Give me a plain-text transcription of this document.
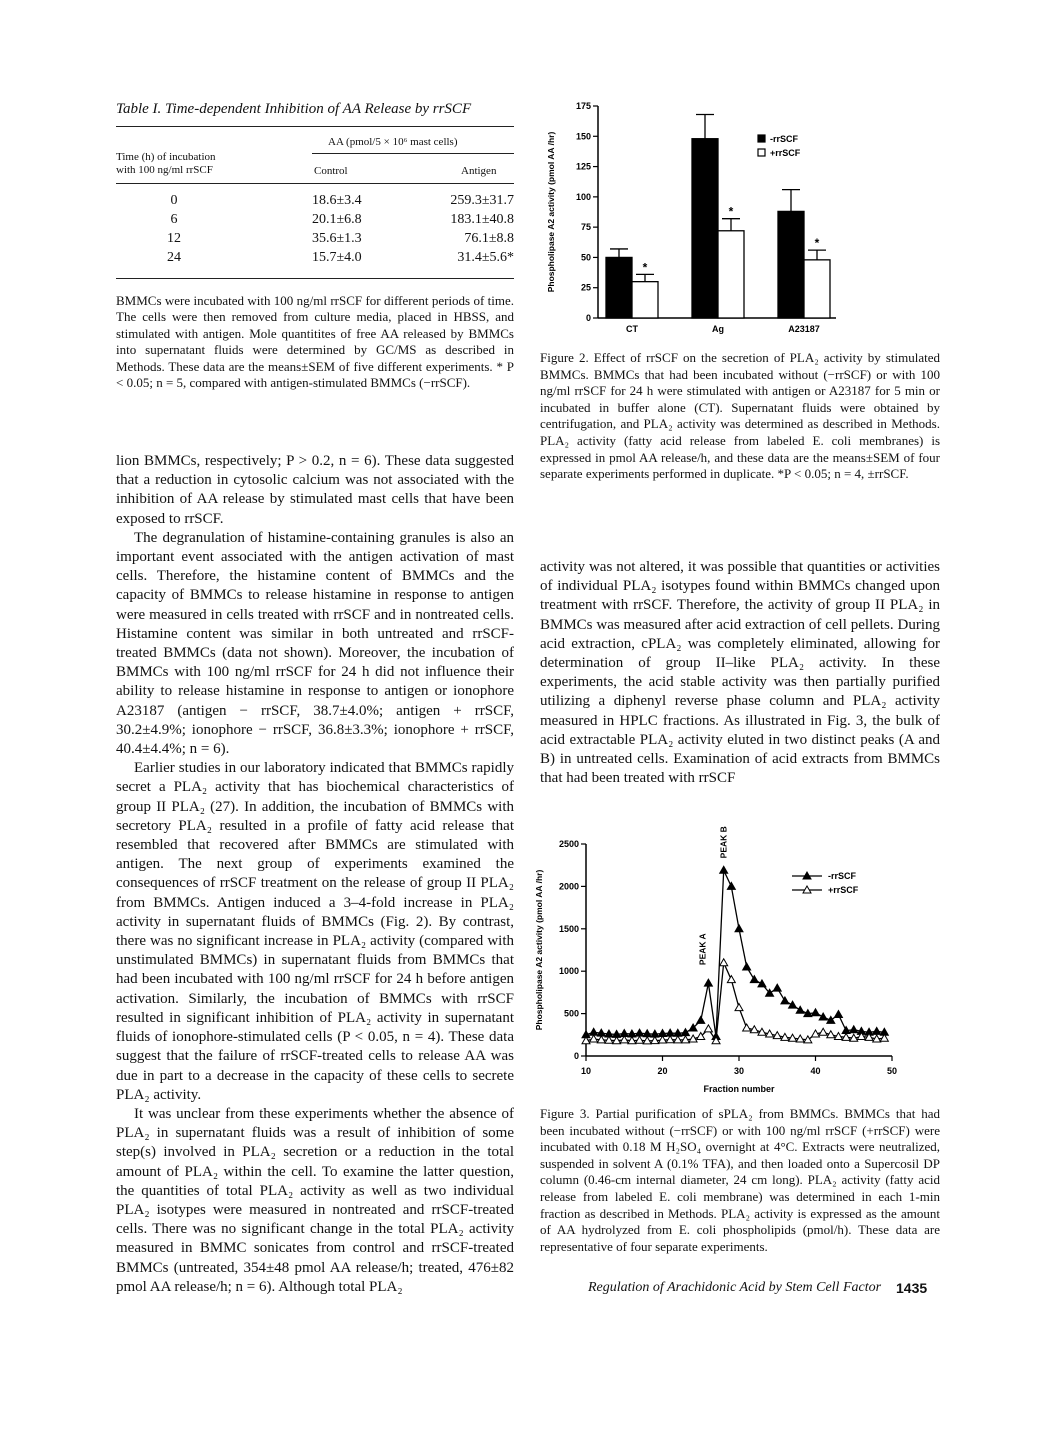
Table I. Time-dependent Inhibition of AA Release by rrSCF
AA (pmol/5 × 10⁶ mast cells)
Time (h) of incubation
with 100 ng/ml rrSCF	Control	Antigen
0	18.6±3.4	259.3±31.7
6	20.1±6.8	183.1±40.8
12	35.6±1.3	76.1±8.8
24	15.7±4.0	31.4±5.6*
BMMCs were incubated with 100 ng/ml rrSCF for different periods of time. The cells were then removed from culture media, placed in HBSS, and stimulated with antigen. Mole quantitites of free AA released by BMMCs into supernatant fluids were determined by GC/MS as described in Methods. These data are the means±SEM of five different experiments. * P < 0.05; n = 5, compared with antigen-stimulated BMMCs (−rrSCF).

lion BMMCs, respectively; P > 0.2, n = 6). These data suggested that a reduction in cytosolic calcium was not associated with the inhibition of AA release by stimulated mast cells that have been exposed to rrSCF.

The degranulation of histamine-containing granules is also an important event associated with the antigen activation of mast cells. Therefore, the histamine content of BMMCs and the capacity of BMMCs to release histamine in response to antigen were measured in cells treated with rrSCF and in nontreated cells. Histamine content was similar in both untreated and rrSCF-treated BMMCs (data not shown). Moreover, the incubation of BMMCs with 100 ng/ml rrSCF for 24 h did not influence their ability to release histamine in response to antigen or ionophore A23187 (antigen − rrSCF, 38.7±4.0%; antigen + rrSCF, 30.2±4.9%; ionophore − rrSCF, 36.8±3.3%; ionophore + rrSCF, 40.4±4.4%; n = 6).

Earlier studies in our laboratory indicated that BMMCs rapidly secret a PLA₂ activity that has biochemical characteristics of group II PLA₂ (27). In addition, the incubation of BMMCs with secretory PLA₂ resulted in a profile of fatty acid release that resembled that recovered after BMMCs are stimulated with antigen. The next group of experiments examined the consequences of rrSCF treatment on the release of group II PLA₂ from BMMCs. Antigen induced a 3–4-fold increase in PLA₂ activity in supernatant fluids of BMMCs (Fig. 2). By contrast, there was no significant increase in PLA₂ activity (compared with unstimulated BMMCs) in supernatant fluids from BMMCs that had been incubated with 100 ng/ml rrSCF for 24 h before antigen activation. Similarly, the incubation of BMMCs with rrSCF resulted in significant inhibition of PLA₂ activity in supernatant fluids of ionophore-stimulated cells (P < 0.05, n = 4). These data suggest that the failure of rrSCF-treated cells to release AA was due in part to a decrease in the capacity of these cells to secrete PLA₂ activity.

It was unclear from these experiments whether the absence of PLA₂ in supernatant fluids was a result of inhibition of some step(s) involved in PLA₂ secretion or a reduction in the total amount of PLA₂ within the cell. To examine the latter question, the quantities of total PLA₂ activity as well as two individual PLA₂ isotypes were measured in nontreated and rrSCF-treated cells. There was no significant change in the total PLA₂ activity measured in BMMC sonicates from control and rrSCF-treated BMMCs (untreated, 354±48 pmol AA release/h; treated, 476±82 pmol AA release/h; n = 6). Although total PLA₂

0
25
50
75
100
125
150
175
Phospholipase A2 activity (pmol AA /hr)	*
CT
*
Ag
*
A23187
-rrSCF
+rrSCF
Figure 2. Effect of rrSCF on the secretion of PLA₂ activity by stimulated BMMCs. BMMCs that had been incubated without (−rrSCF) or with 100 ng/ml rrSCF for 24 h were stimulated with antigen or A23187 for 5 min or incubated in buffer alone (CT). Supernatant fluids were obtained by centrifugation, and PLA₂ activity was determined as described in Methods. PLA₂ activity (fatty acid release from labeled E. coli membranes) is expressed in pmol AA release/h, and these data are the means±SEM of four separate experiments performed in duplicate. *P < 0.05; n = 4, ±rrSCF.

activity was not altered, it was possible that quantities or activities of individual PLA₂ isotypes found within BMMCs changed upon treatment with rrSCF. Therefore, the activity of group II PLA₂ in BMMCs was measured after acid extraction of cell pellets. During acid extraction, cPLA₂ was completely eliminated, allowing for determination of group II–like PLA₂ activity. In these experiments, the acid stable activity was then partially purified utilizing a diphenyl reverse phase column and PLA₂ activity measured in HPLC fractions. As illustrated in Fig. 3, the bulk of acid extractable PLA₂ activity eluted in two distinct peaks (A and B) in untreated cells. Examination of acid extracts from BMMCs that had been treated with rrSCF

0
500
1000
1500
2000
2500
10	20	30	40	50
Fraction number
Phospholipase A2 activity (pmol AA /hr)	PEAK A
PEAK B
-rrSCF
+rrSCF
Figure 3. Partial purification of sPLA₂ from BMMCs. BMMCs that had been incubated without (−rrSCF) or with 100 ng/ml rrSCF (+rrSCF) were incubated with 0.18 M H₂SO₄ overnight at 4°C. Extracts were neutralized, suspended in solvent A (0.1% TFA), and then loaded onto a Supercosil DP column (0.46-cm internal diameter, 24 cm long). PLA₂ activity (fatty acid release from labeled E. coli membrane) was determined in each 1-min fraction as described in Methods. PLA₂ activity is expressed as the amount of AA hydrolyzed from E. coli phospholipids (pmol/h). These data are representative of four separate experiments.
Regulation of Arachidonic Acid by Stem Cell Factor 1435
